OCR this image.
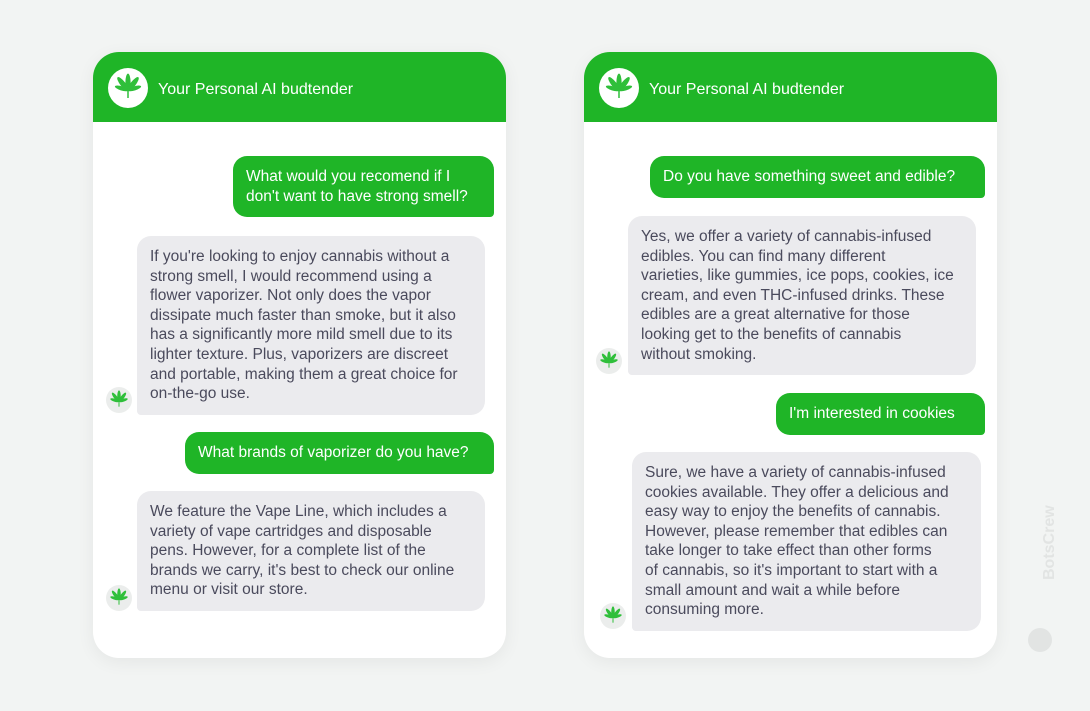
Your Personal AI budtender
What would you recomend if I
don't want to have strong smell?
If you're looking to enjoy cannabis without a
strong smell, I would recommend using a
flower vaporizer. Not only does the vapor
dissipate much faster than smoke, but it also
has a significantly more mild smell due to its
lighter texture. Plus, vaporizers are discreet
and portable, making them a great choice for
on-the-go use.
What brands of vaporizer do you have?
We feature the Vape Line, which includes a
variety of vape cartridges and disposable
pens. However, for a complete list of the
brands we carry, it's best to check our online
menu or visit our store.
Your Personal AI budtender
Do you have something sweet and edible?
Yes, we offer a variety of cannabis-infused
edibles. You can find many different
varieties, like gummies, ice pops, cookies, ice
cream, and even THC-infused drinks. These
edibles are a great alternative for those
looking get to the benefits of cannabis
without smoking.
I'm interested in cookies
Sure, we have a variety of cannabis-infused
cookies available. They offer a delicious and
easy way to enjoy the benefits of cannabis.
However, please remember that edibles can
take longer to take effect than other forms
of cannabis, so it's important to start with a
small amount and wait a while before
consuming more.
BotsCrew
